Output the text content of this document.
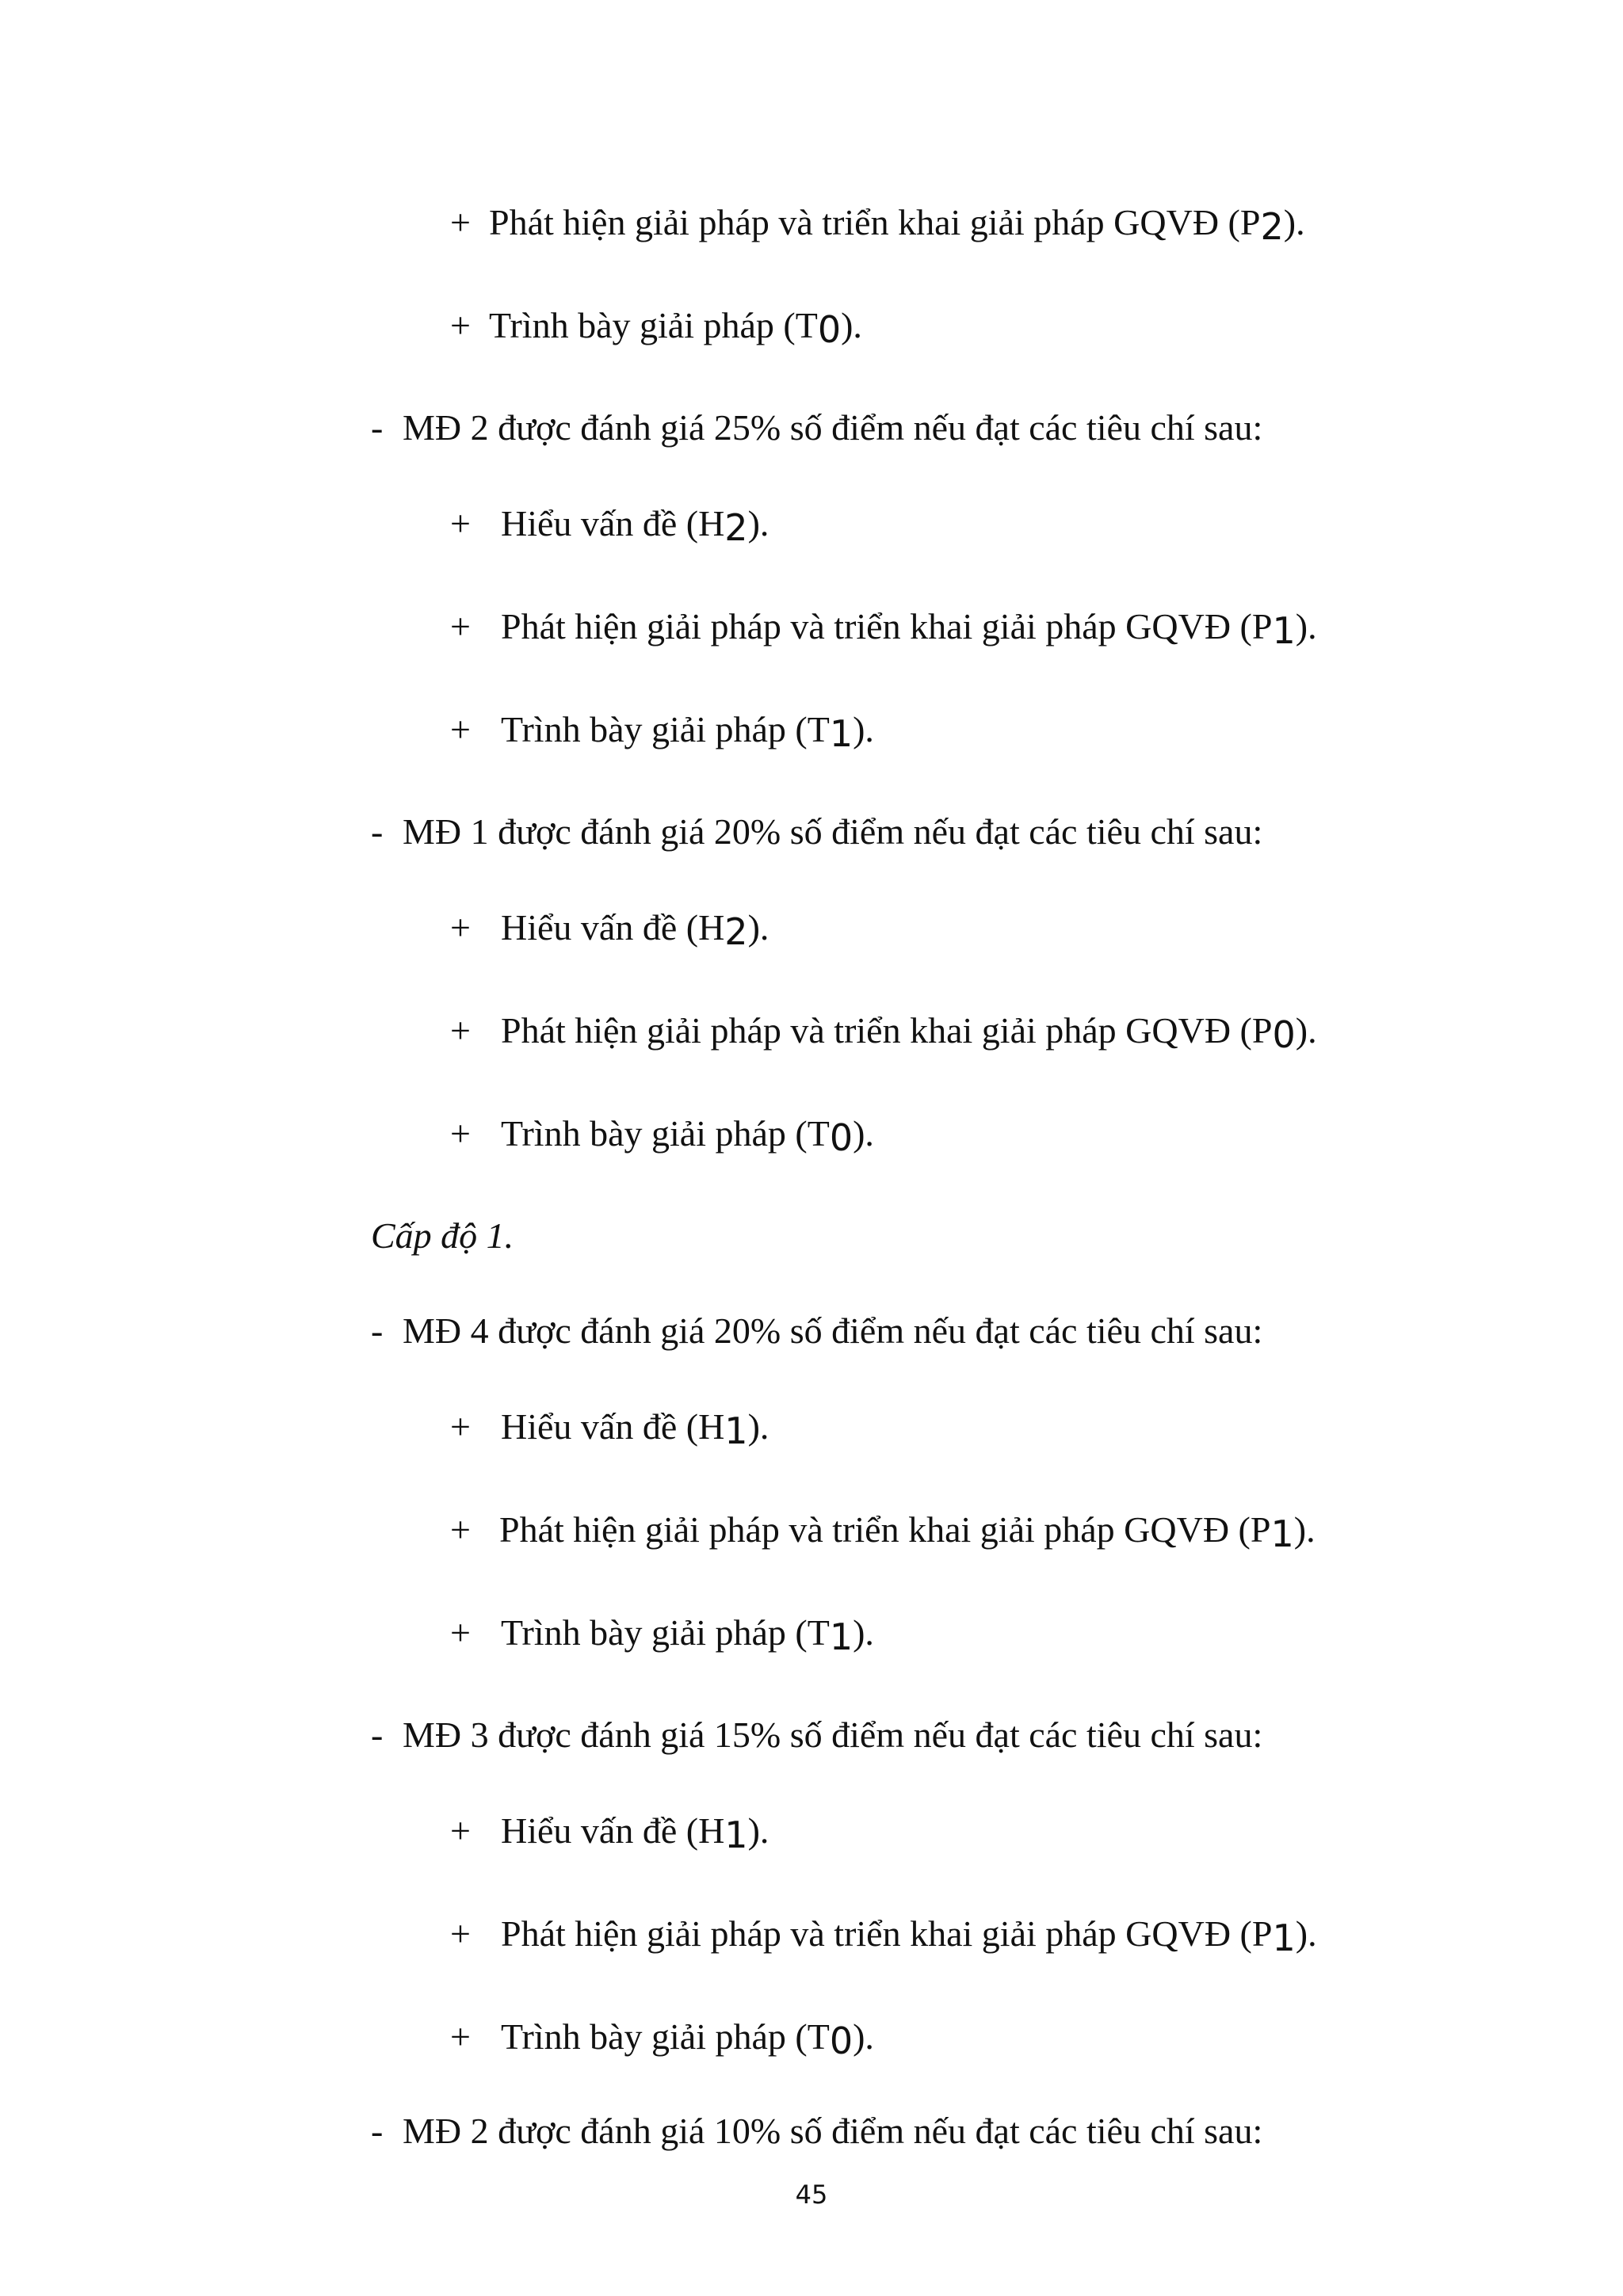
+ Phát hiện giải pháp và triển khai giải pháp GQVĐ (P2).
+ Trình bày giải pháp (T0).
- MĐ 2 được đánh giá 25% số điểm nếu đạt các tiêu chí sau:
+ Hiểu vấn đề (H2).
+ Phát hiện giải pháp và triển khai giải pháp GQVĐ (P1).
+ Trình bày giải pháp (T1).
- MĐ 1 được đánh giá 20% số điểm nếu đạt các tiêu chí sau:
+ Hiểu vấn đề (H2).
+ Phát hiện giải pháp và triển khai giải pháp GQVĐ (P0).
+ Trình bày giải pháp (T0).
Cấp độ 1.
- MĐ 4 được đánh giá 20% số điểm nếu đạt các tiêu chí sau:
+ Hiểu vấn đề (H1).
+ Phát hiện giải pháp và triển khai giải pháp GQVĐ (P1).
+ Trình bày giải pháp (T1).
- MĐ 3 được đánh giá 15% số điểm nếu đạt các tiêu chí sau:
+ Hiểu vấn đề (H1).
+ Phát hiện giải pháp và triển khai giải pháp GQVĐ (P1).
+ Trình bày giải pháp (T0).
- MĐ 2 được đánh giá 10% số điểm nếu đạt các tiêu chí sau:
45
